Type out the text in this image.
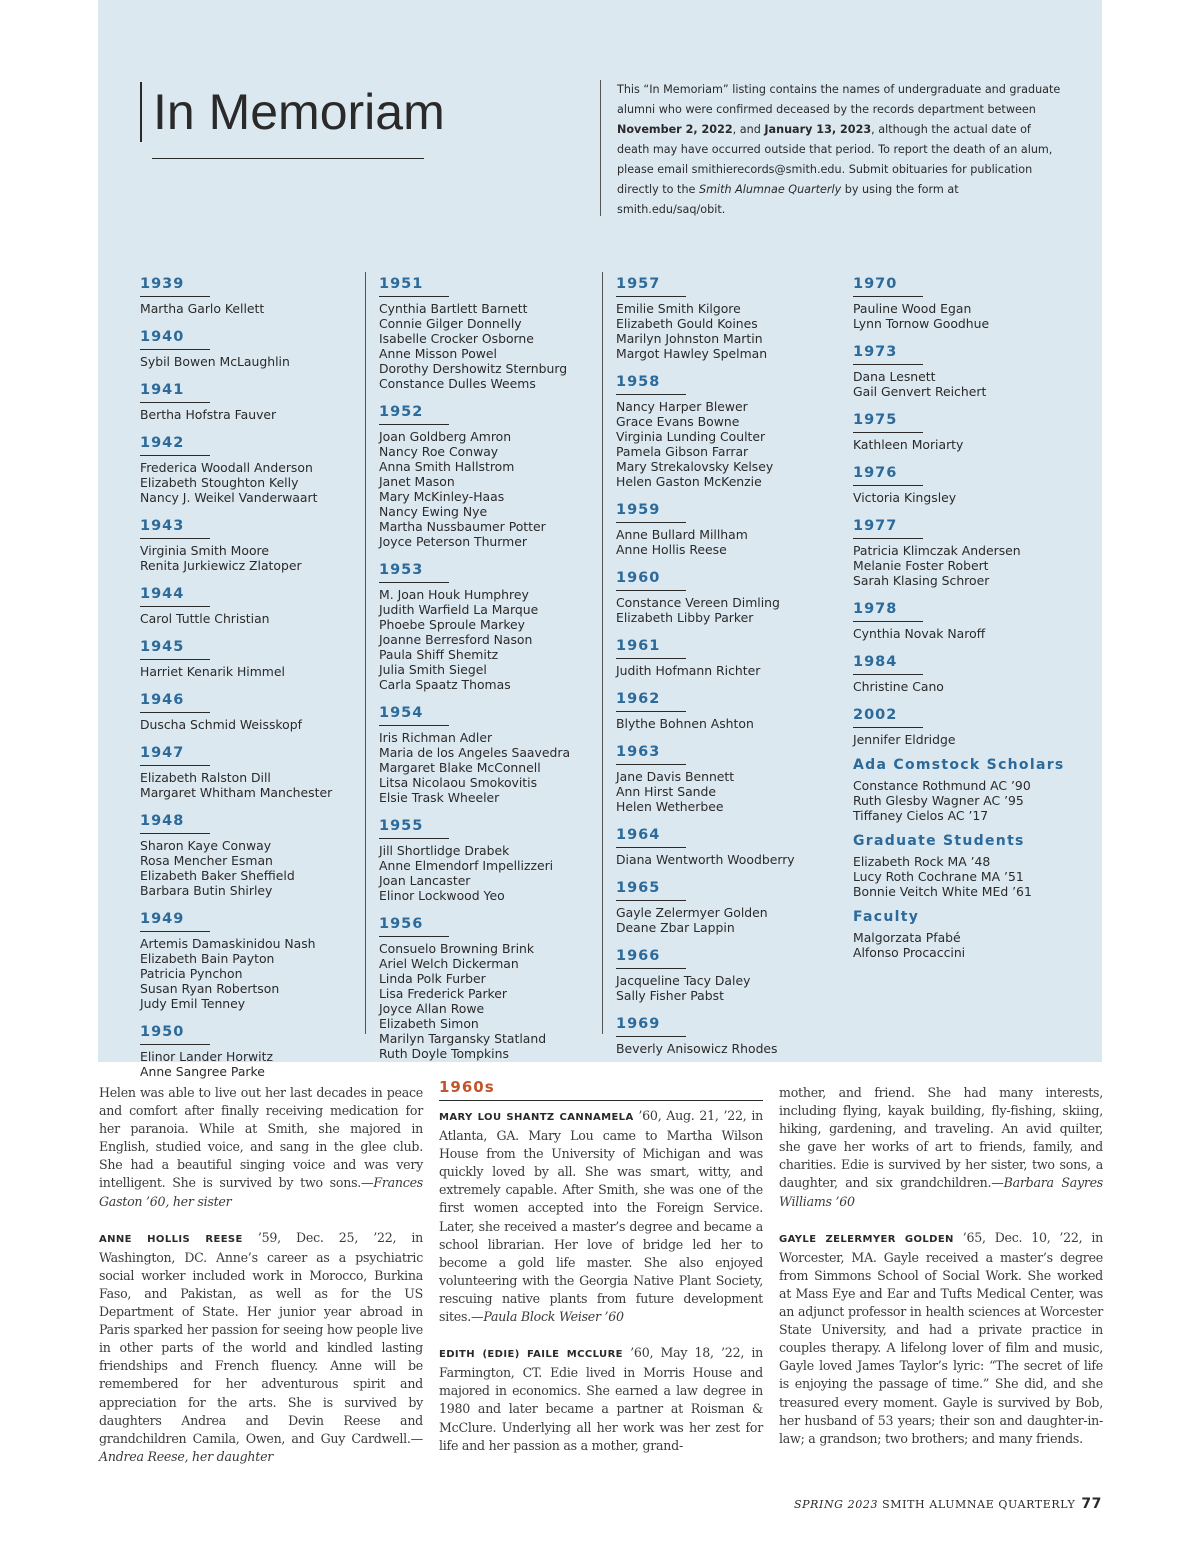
In Memoriam	This “In Memoriam” listing contains the names of undergraduate and graduate alumni who were confirmed deceased by the records department between November 2, 2022, and January 13, 2023, although the actual date of death may have occurred outside that period. To report the death of an alum, please email smithierecords@smith.edu. Submit obituaries for publication directly to the Smith Alumnae Quarterly by using the form at smith.edu/saq/obit.
1939
Martha Garlo Kellett
1940
Sybil Bowen McLaughlin
1941
Bertha Hofstra Fauver
1942
Frederica Woodall Anderson
Elizabeth Stoughton Kelly
Nancy J. Weikel Vanderwaart
1943
Virginia Smith Moore
Renita Jurkiewicz Zlatoper
1944
Carol Tuttle Christian
1945
Harriet Kenarik Himmel
1946
Duscha Schmid Weisskopf
1947
Elizabeth Ralston Dill
Margaret Whitham Manchester
1948
Sharon Kaye Conway
Rosa Mencher Esman
Elizabeth Baker Sheffield
Barbara Butin Shirley
1949
Artemis Damaskinidou Nash
Elizabeth Bain Payton
Patricia Pynchon
Susan Ryan Robertson
Judy Emil Tenney
1950
Elinor Lander Horwitz
Anne Sangree Parke
1951
Cynthia Bartlett Barnett
Connie Gilger Donnelly
Isabelle Crocker Osborne
Anne Misson Powel
Dorothy Dershowitz Sternburg
Constance Dulles Weems
1952
Joan Goldberg Amron
Nancy Roe Conway
Anna Smith Hallstrom
Janet Mason
Mary McKinley-Haas
Nancy Ewing Nye
Martha Nussbaumer Potter
Joyce Peterson Thurmer
1953
M. Joan Houk Humphrey
Judith Warfield La Marque
Phoebe Sproule Markey
Joanne Berresford Nason
Paula Shiff Shemitz
Julia Smith Siegel
Carla Spaatz Thomas
1954
Iris Richman Adler
Maria de los Angeles Saavedra
Margaret Blake McConnell
Litsa Nicolaou Smokovitis
Elsie Trask Wheeler
1955
Jill Shortlidge Drabek
Anne Elmendorf Impellizzeri
Joan Lancaster
Elinor Lockwood Yeo
1956
Consuelo Browning Brink
Ariel Welch Dickerman
Linda Polk Furber
Lisa Frederick Parker
Joyce Allan Rowe
Elizabeth Simon
Marilyn Targansky Statland
Ruth Doyle Tompkins
1957
Emilie Smith Kilgore
Elizabeth Gould Koines
Marilyn Johnston Martin
Margot Hawley Spelman
1958
Nancy Harper Blewer
Grace Evans Bowne
Virginia Lunding Coulter
Pamela Gibson Farrar
Mary Strekalovsky Kelsey
Helen Gaston McKenzie
1959
Anne Bullard Millham
Anne Hollis Reese
1960
Constance Vereen Dimling
Elizabeth Libby Parker
1961
Judith Hofmann Richter
1962
Blythe Bohnen Ashton
1963
Jane Davis Bennett
Ann Hirst Sande
Helen Wetherbee
1964
Diana Wentworth Woodberry
1965
Gayle Zelermyer Golden
Deane Zbar Lappin
1966
Jacqueline Tacy Daley
Sally Fisher Pabst
1969
Beverly Anisowicz Rhodes
1970
Pauline Wood Egan
Lynn Tornow Goodhue
1973
Dana Lesnett
Gail Genvert Reichert
1975
Kathleen Moriarty
1976
Victoria Kingsley
1977
Patricia Klimczak Andersen
Melanie Foster Robert
Sarah Klasing Schroer
1978
Cynthia Novak Naroff
1984
Christine Cano
2002
Jennifer Eldridge
Ada Comstock Scholars
Constance Rothmund AC ’90
Ruth Glesby Wagner AC ’95
Tiffaney Cielos AC ’17
Graduate Students
Elizabeth Rock MA ’48
Lucy Roth Cochrane MA ’51
Bonnie Veitch White MEd ’61
Faculty
Malgorzata Pfabé
Alfonso Procaccini

Helen was able to live out her last decades in peace and comfort after finally receiving medication for her paranoia. While at Smith, she majored in English, studied voice, and sang in the glee club. She had a beautiful singing voice and was very intelligent. She is survived by two sons.—Frances Gaston ’60, her sister

ANNE HOLLIS REESE ’59, Dec. 25, ’22, in Washington, DC. Anne’s career as a psychiatric social worker included work in Morocco, Burkina Faso, and Pakistan, as well as for the US Department of State. Her junior year abroad in Paris sparked her passion for seeing how people live in other parts of the world and kindled lasting friendships and French fluency. Anne will be remembered for her adventurous spirit and appreciation for the arts. She is survived by daughters Andrea and Devin Reese and grandchildren Camila, Owen, and Guy Cardwell.—Andrea Reese, her daughter

1960s

MARY LOU SHANTZ CANNAMELA ’60, Aug. 21, ’22, in Atlanta, GA. Mary Lou came to Martha Wilson House from the University of Michigan and was quickly loved by all. She was smart, witty, and extremely capable. After Smith, she was one of the first women accepted into the Foreign Service. Later, she received a master’s degree and became a school librarian. Her love of bridge led her to become a gold life master. She also enjoyed volunteering with the Georgia Native Plant Society, rescuing native plants from future development sites.—Paula Block Weiser ’60

EDITH (EDIE) FAILE MCCLURE ’60, May 18, ’22, in Farmington, CT. Edie lived in Morris House and majored in economics. She earned a law degree in 1980 and later became a partner at Roisman & McClure. Underlying all her work was her zest for life and her passion as a mother, grand-

mother, and friend. She had many interests, including flying, kayak building, fly-fishing, skiing, hiking, gardening, and traveling. An avid quilter, she gave her works of art to friends, family, and charities. Edie is survived by her sister, two sons, a daughter, and six grandchildren.—Barbara Sayres Williams ’60

GAYLE ZELERMYER GOLDEN ’65, Dec. 10, ’22, in Worcester, MA. Gayle received a master’s degree from Simmons School of Social Work. She worked at Mass Eye and Ear and Tufts Medical Center, was an adjunct professor in health sciences at Worcester State University, and had a private practice in couples therapy. A lifelong lover of film and music, Gayle loved James Taylor’s lyric: “The secret of life is enjoying the passage of time.” She did, and she treasured every moment. Gayle is survived by Bob, her husband of 53 years; their son and daughter-in-law; a grandson; two brothers; and many friends.

SPRING 2023 SMITH ALUMNAE QUARTERLY 77
